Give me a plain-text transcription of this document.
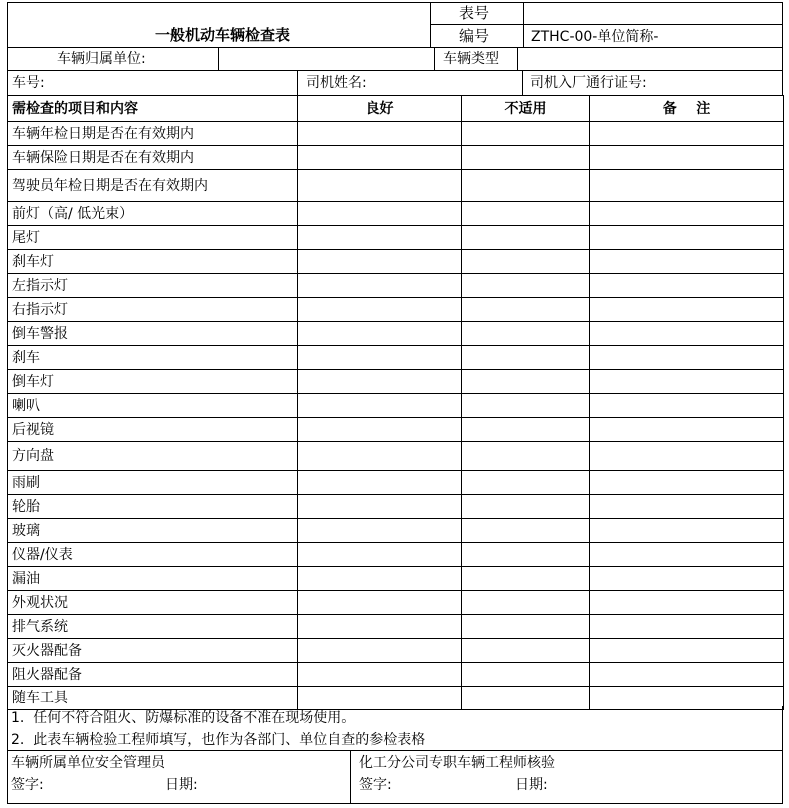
一般机动车辆检查表
表号
编号	ZTHC-00-单位简称-
车辆归属单位:	车辆类型
车号:	司机姓名:	司机入厂通行证号:
需检查的项目和内容	良好	不适用	备    注
车辆年检日期是否在有效期内			
车辆保险日期是否在有效期内			
驾驶员年检日期是否在有效期内			
前灯（高/ 低光束）			
尾灯			
刹车灯			
左指示灯			
右指示灯			
倒车警报			
刹车			
倒车灯			
喇叭			
后视镜			
方向盘			
雨刷			
轮胎			
玻璃			
仪器/仪表			
漏油			
外观状况			
排气系统			
灭火器配备			
阻火器配备			
随车工具			
1.  任何不符合阻火、防爆标准的设备不准在现场使用。
2.  此表车辆检验工程师填写，也作为各部门、单位自查的参检表格
车辆所属单位安全管理员
签字:	日期:
化工分公司专职车辆工程师核验
签字:	日期:
